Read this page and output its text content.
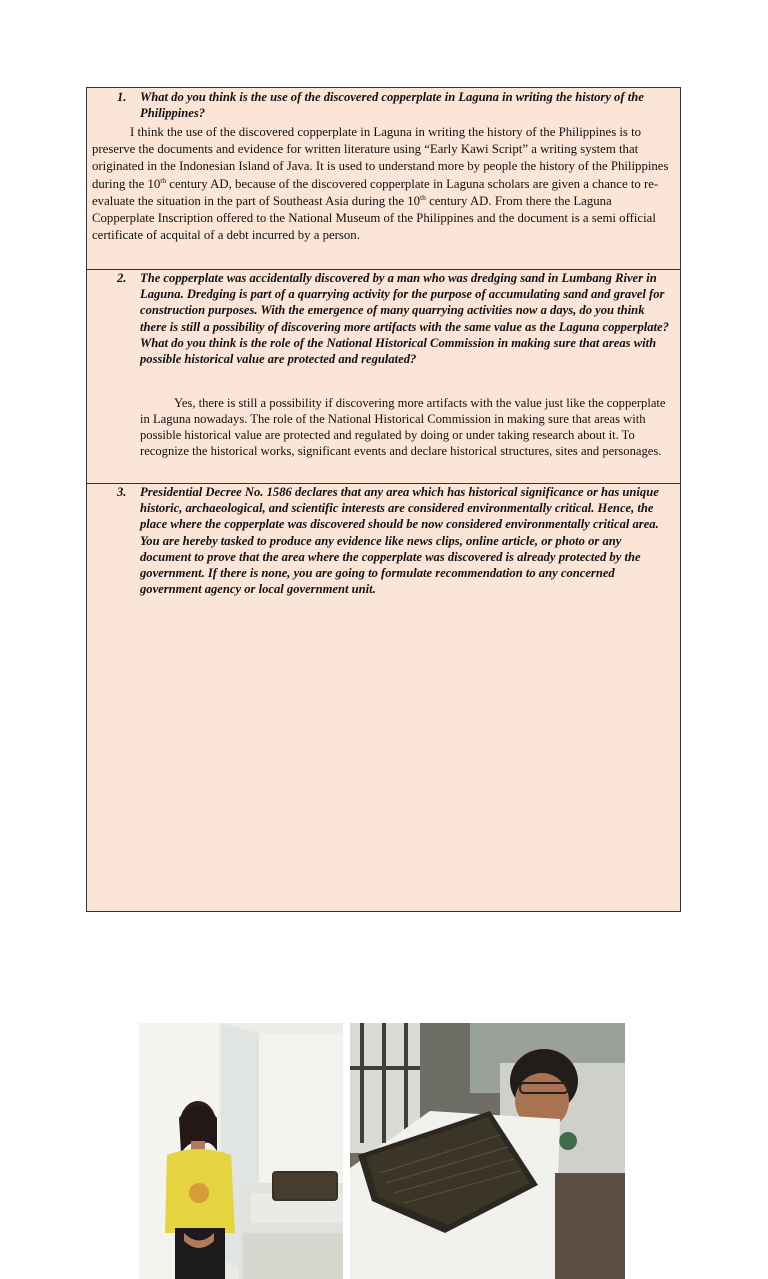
1. What do you think is the use of the discovered copperplate in Laguna in writing the history of the Philippines?
I think the use of the discovered copperplate in Laguna in writing the history of the Philippines is to preserve the documents and evidence for written literature using “Early Kawi Script” a writing system that originated in the Indonesian Island of Java. It is used to understand more by people the history of the Philippines during the 10th century AD, because of the discovered copperplate in Laguna scholars are given a chance to re- evaluate the situation in the part of Southeast Asia during the 10th century AD. From there the Laguna Copperplate Inscription offered to the National Museum of the Philippines and the document is a semi official certificate of acquital of a debt incurred by a person.
2. The copperplate was accidentally discovered by a man who was dredging sand in Lumbang River in Laguna. Dredging is part of a quarrying activity for the purpose of accumulating sand and gravel for construction purposes. With the emergence of many quarrying activities now a days, do you think there is still a possibility of discovering more artifacts with the same value as the Laguna copperplate? What do you think is the role of the National Historical Commission in making sure that areas with possible historical value are protected and regulated?
Yes, there is still a possibility if discovering more artifacts with the value just like the copperplate in Laguna nowadays. The role of the National Historical Commission in making sure that areas with possible historical value are protected and regulated by doing or under taking research about it. To recognize the historical works, significant events and declare historical structures, sites and personages.
3. Presidential Decree No. 1586 declares that any area which has historical significance or has unique historic, archaeological, and scientific interests are considered environmentally critical. Hence, the place where the copperplate was discovered should be now considered environmentally critical area. You are hereby tasked to produce any evidence like news clips, online article, or photo or any document to prove that the area where the copperplate was discovered is already protected by the government. If there is none, you are going to formulate recommendation to any concerned government agency or local government unit.
